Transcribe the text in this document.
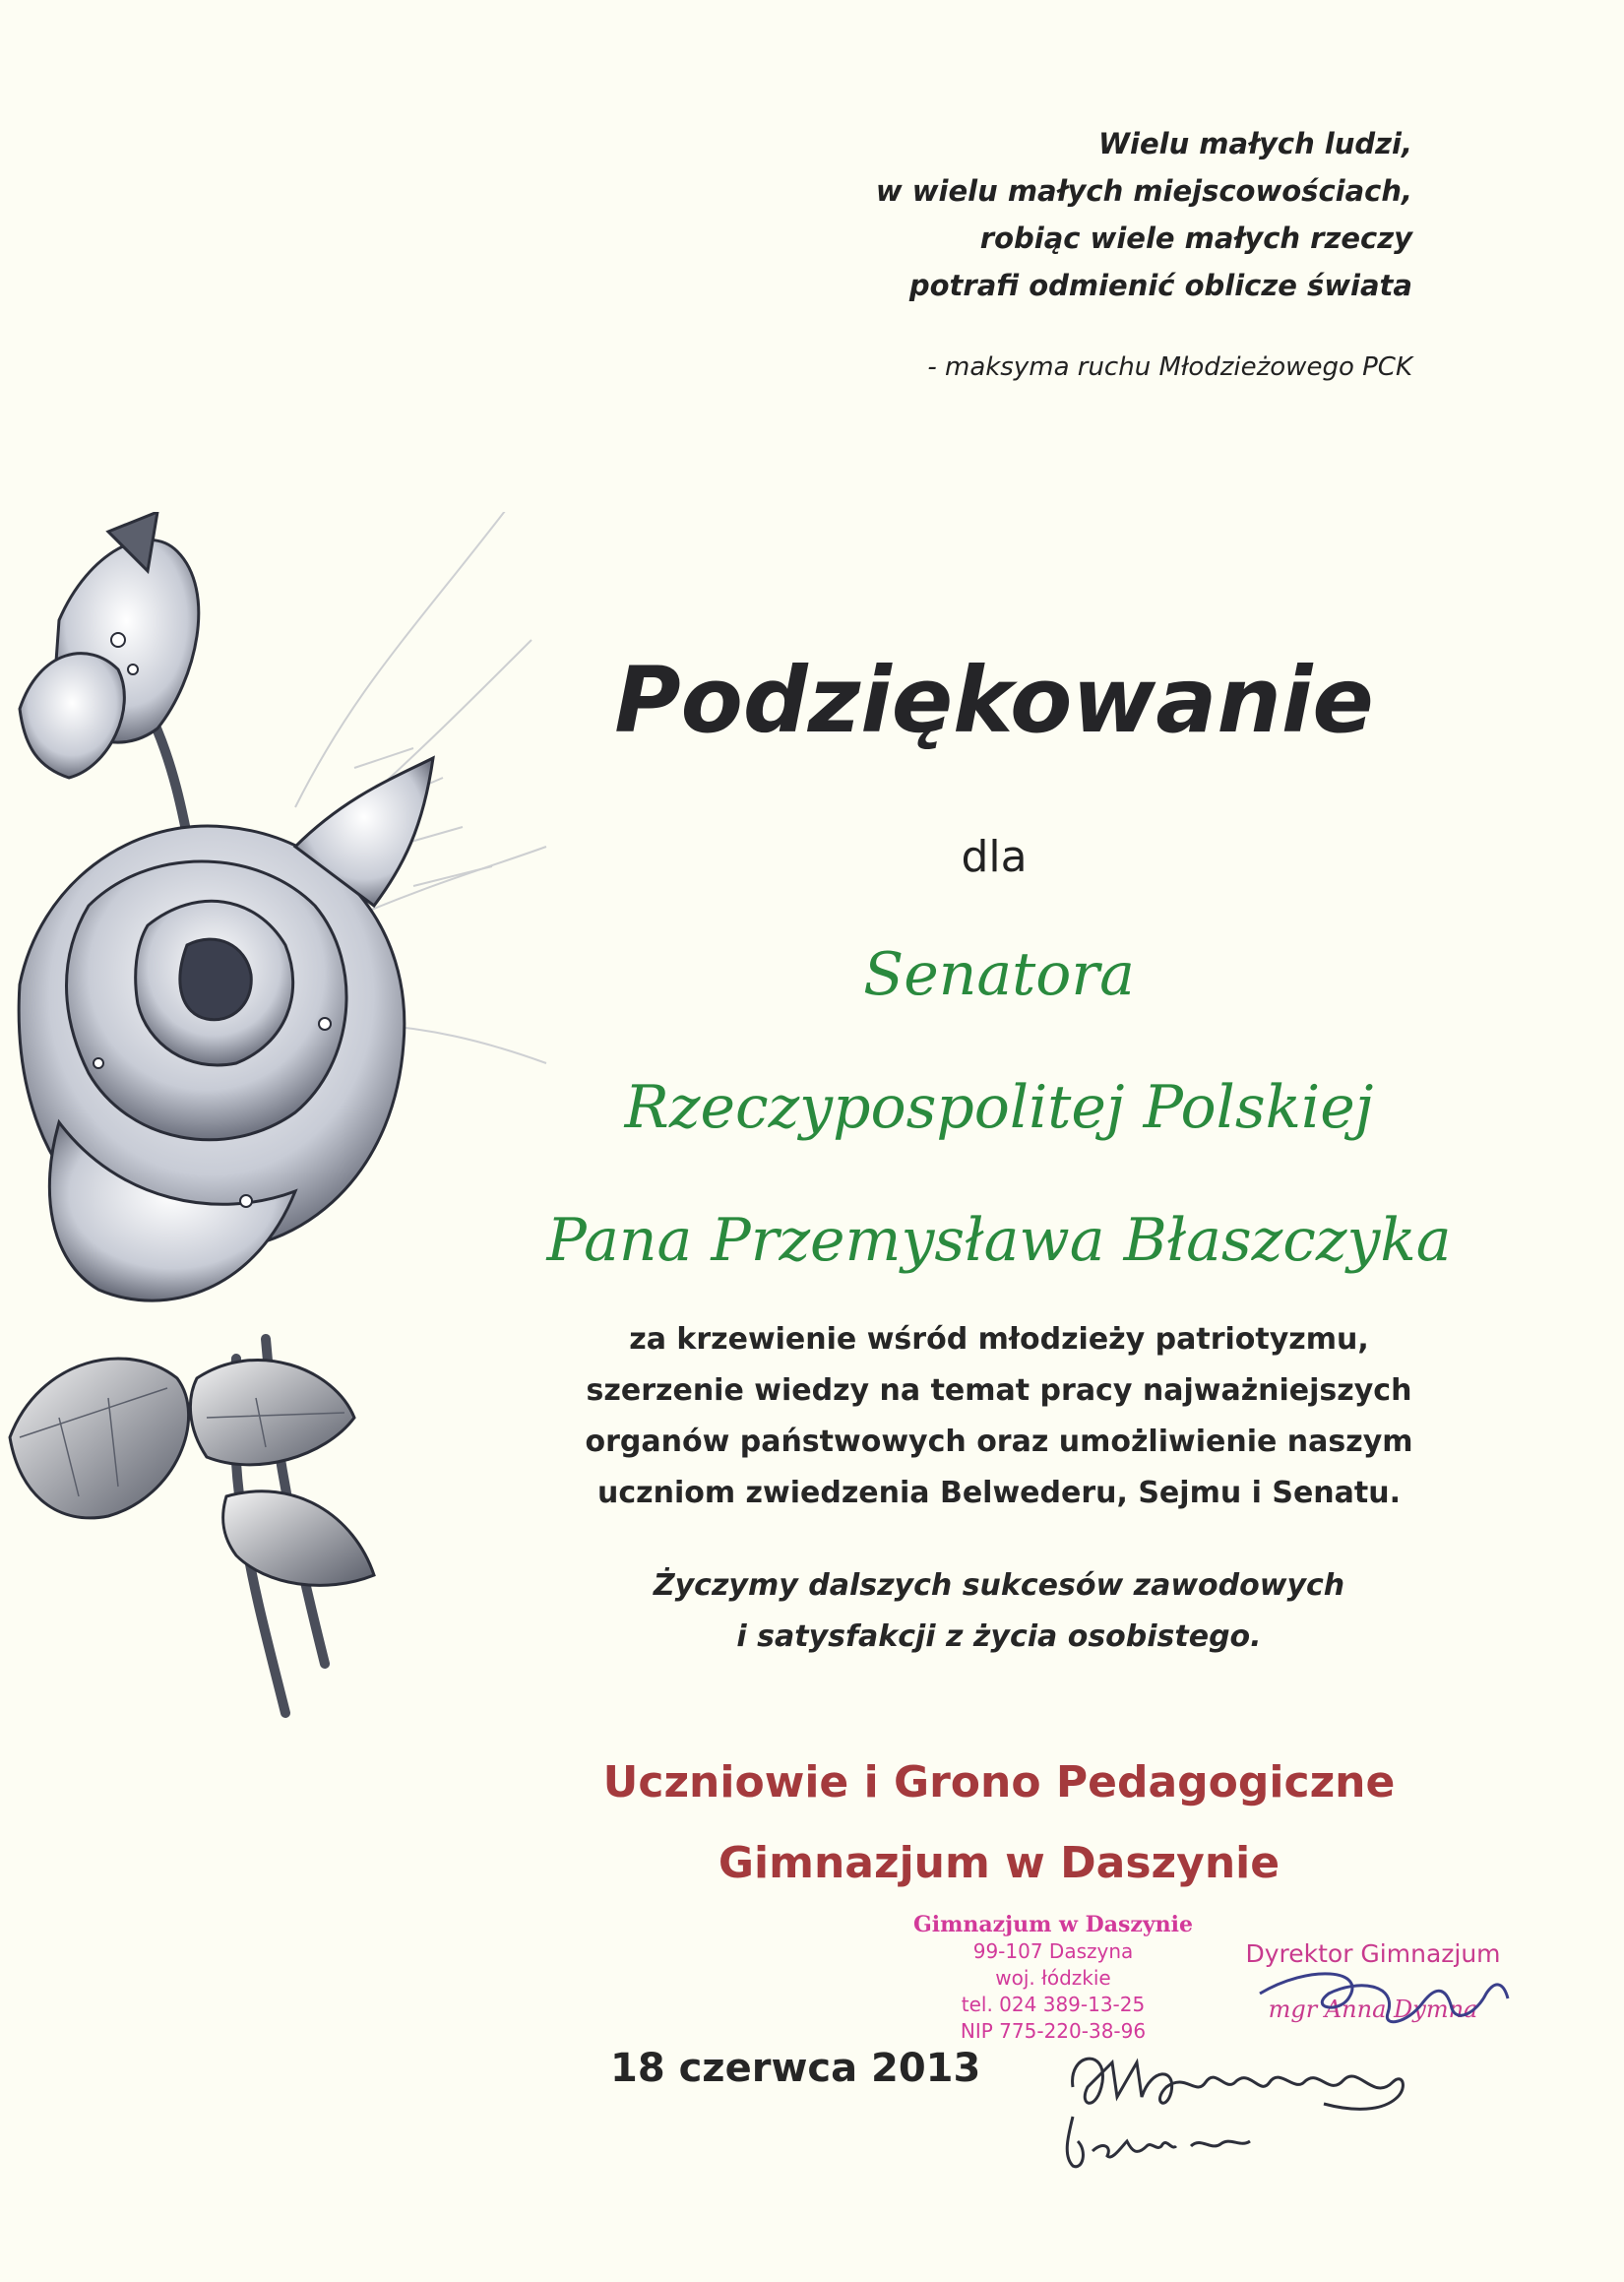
Wielu małych ludzi,
w wielu małych miejscowościach,
robiąc wiele małych rzeczy
potrafi odmienić oblicze świata
- maksyma ruchu Młodzieżowego PCK
Podziękowanie
dla
Senatora
Rzeczypospolitej Polskiej
Pana Przemysława Błaszczyka
za krzewienie wśród młodzieży patriotyzmu,
szerzenie wiedzy na temat pracy najważniejszych
organów państwowych oraz umożliwienie naszym
uczniom zwiedzenia Belwederu, Sejmu i Senatu.
Życzymy dalszych sukcesów zawodowych
i satysfakcji z życia osobistego.
Uczniowie i Grono Pedagogiczne
Gimnazjum w Daszynie
Gimnazjum w Daszynie
99-107 Daszyna
woj. łódzkie
tel. 024 389-13-25
NIP 775-220-38-96
Dyrektor Gimnazjum
mgr Anna Dymna
18 czerwca 2013
